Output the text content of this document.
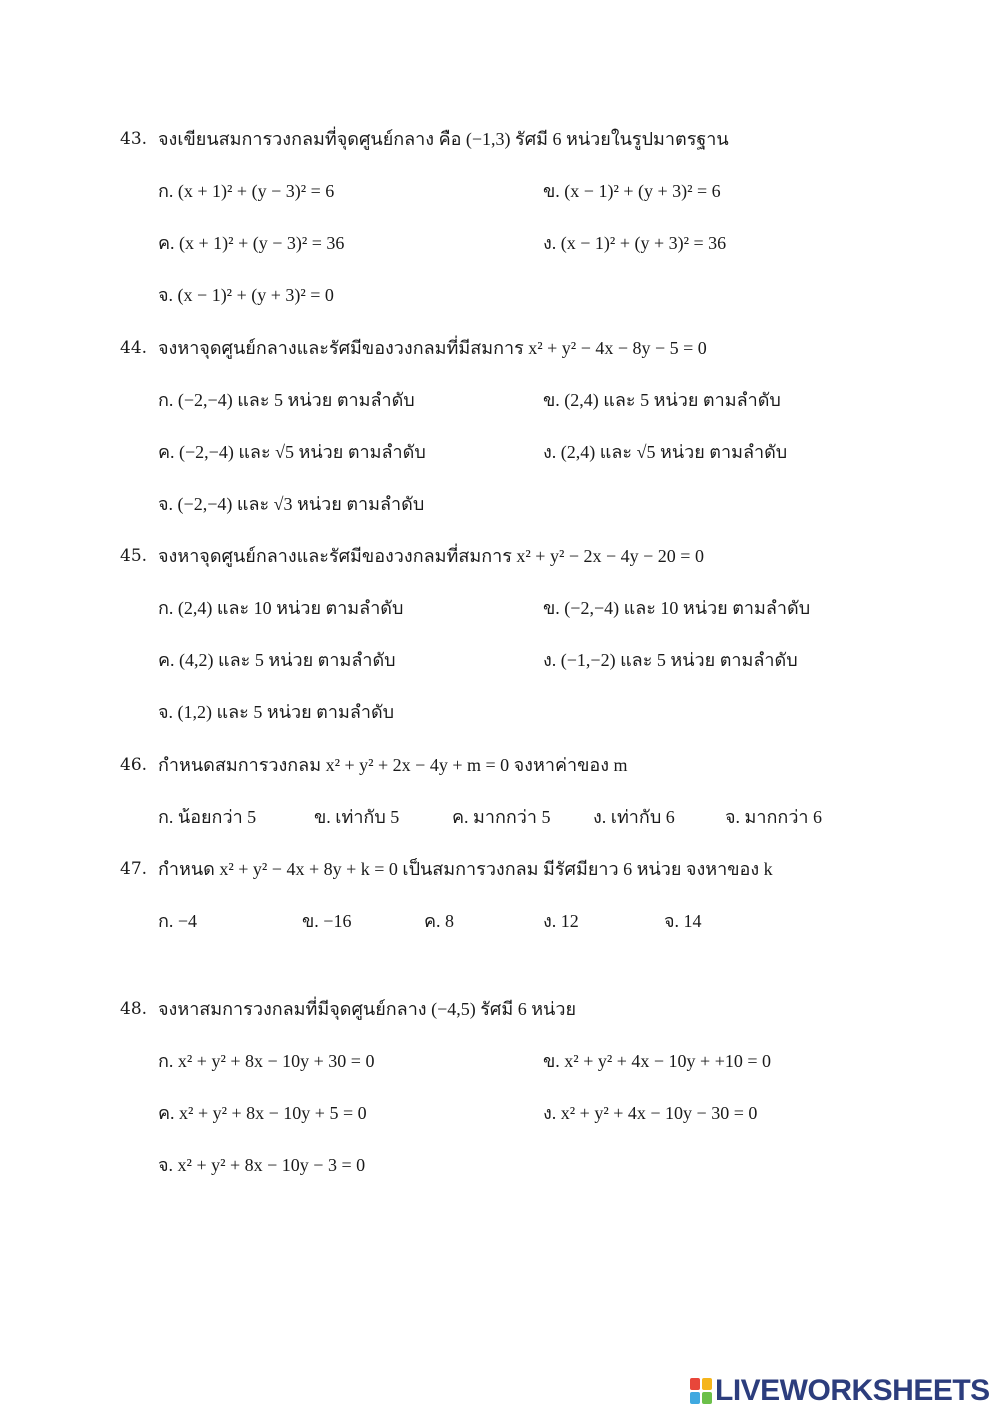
43. จงเขียนสมการวงกลมที่จุดศูนย์กลาง คือ (−1,3) รัศมี 6 หน่วยในรูปมาตรฐาน
ก. (x + 1)² + (y − 3)² = 6	ข. (x − 1)² + (y + 3)² = 6
ค. (x + 1)² + (y − 3)² = 36	ง. (x − 1)² + (y + 3)² = 36
จ. (x − 1)² + (y + 3)² = 0
44. จงหาจุดศูนย์กลางและรัศมีของวงกลมที่มีสมการ x² + y² − 4x − 8y − 5 = 0
ก. (−2,−4) และ 5 หน่วย ตามลำดับ	ข. (2,4) และ 5 หน่วย ตามลำดับ
ค. (−2,−4) และ √5 หน่วย ตามลำดับ	ง. (2,4) และ √5 หน่วย ตามลำดับ
จ. (−2,−4) และ √3 หน่วย ตามลำดับ
45. จงหาจุดศูนย์กลางและรัศมีของวงกลมที่สมการ x² + y² − 2x − 4y − 20 = 0
ก. (2,4) และ 10 หน่วย ตามลำดับ	ข. (−2,−4) และ 10 หน่วย ตามลำดับ
ค. (4,2) และ 5 หน่วย ตามลำดับ	ง. (−1,−2) และ 5 หน่วย ตามลำดับ
จ. (1,2) และ 5 หน่วย ตามลำดับ
46. กำหนดสมการวงกลม x² + y² + 2x − 4y + m = 0 จงหาค่าของ m
ก. น้อยกว่า 5	ข. เท่ากับ 5	ค. มากกว่า 5 ง. เท่ากับ 6	จ. มากกว่า 6
47. กำหนด x² + y² − 4x + 8y + k = 0 เป็นสมการวงกลม มีรัศมียาว 6 หน่วย จงหาของ k
ก. −4	ข. −16	ค. 8	ง. 12	จ. 14
48. จงหาสมการวงกลมที่มีจุดศูนย์กลาง (−4,5) รัศมี 6 หน่วย
ก. x² + y² + 8x − 10y + 30 = 0	ข. x² + y² + 4x − 10y + +10 = 0
ค. x² + y² + 8x − 10y + 5 = 0	ง. x² + y² + 4x − 10y − 30 = 0
จ. x² + y² + 8x − 10y − 3 = 0
LIVEWORKSHEETS
